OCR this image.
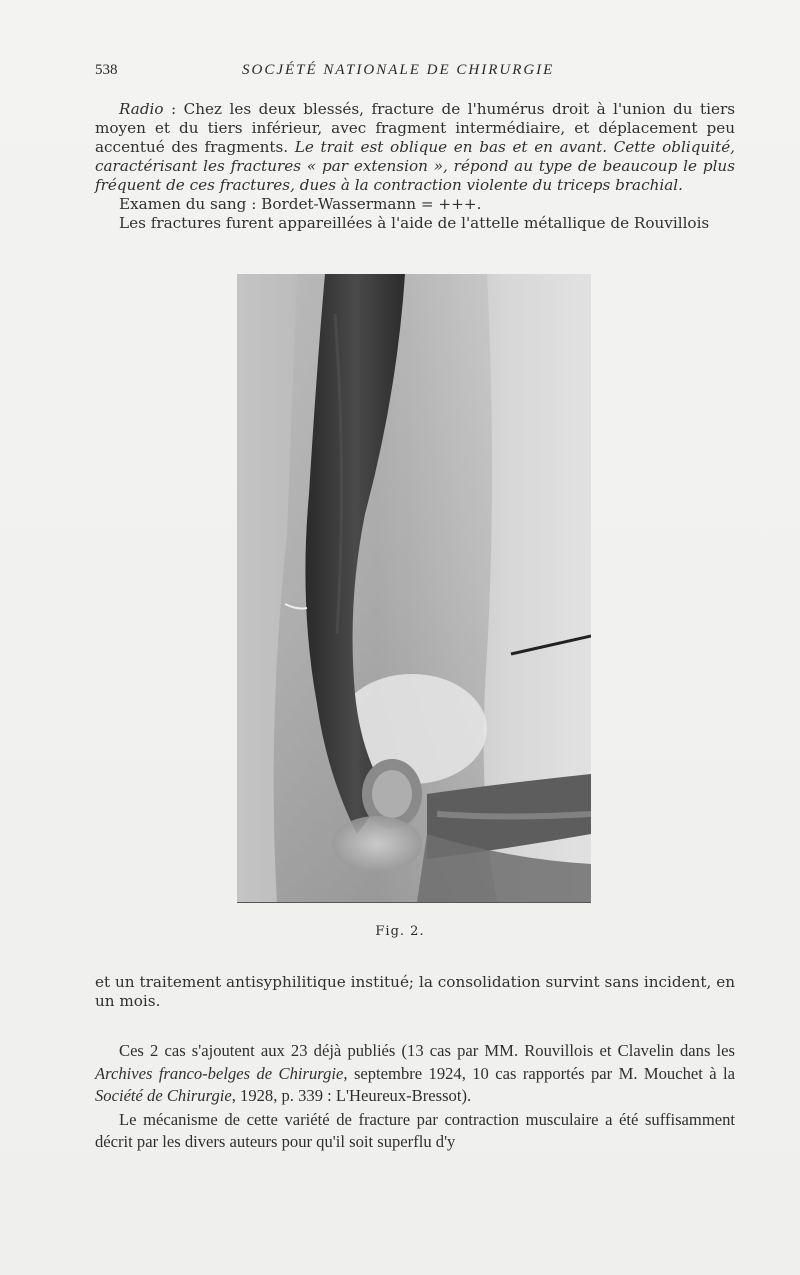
538	SOCJÉTÉ NATIONALE DE CHIRURGIE

Radio : Chez les deux blessés, fracture de l'humérus droit à l'union du tiers moyen et du tiers inférieur, avec fragment intermédiaire, et déplacement peu accentué des fragments. Le trait est oblique en bas et en avant. Cette obliquité, caractérisant les fractures « par extension », répond au type de beaucoup le plus fréquent de ces fractures, dues à la contraction violente du triceps brachial.

Examen du sang : Bordet-Wassermann = +++.

Les fractures furent appareillées à l'aide de l'attelle métallique de Rouvillois

Fig. 2.

et un traitement antisyphilitique institué; la consolidation survint sans incident, en un mois.

Ces 2 cas s'ajoutent aux 23 déjà publiés (13 cas par MM. Rouvillois et Clavelin dans les Archives franco-belges de Chirurgie, septembre 1924, 10 cas rapportés par M. Mouchet à la Société de Chirurgie, 1928, p. 339 : L'Heureux-Bressot).

Le mécanisme de cette variété de fracture par contraction musculaire a été suffisamment décrit par les divers auteurs pour qu'il soit superflu d'y
